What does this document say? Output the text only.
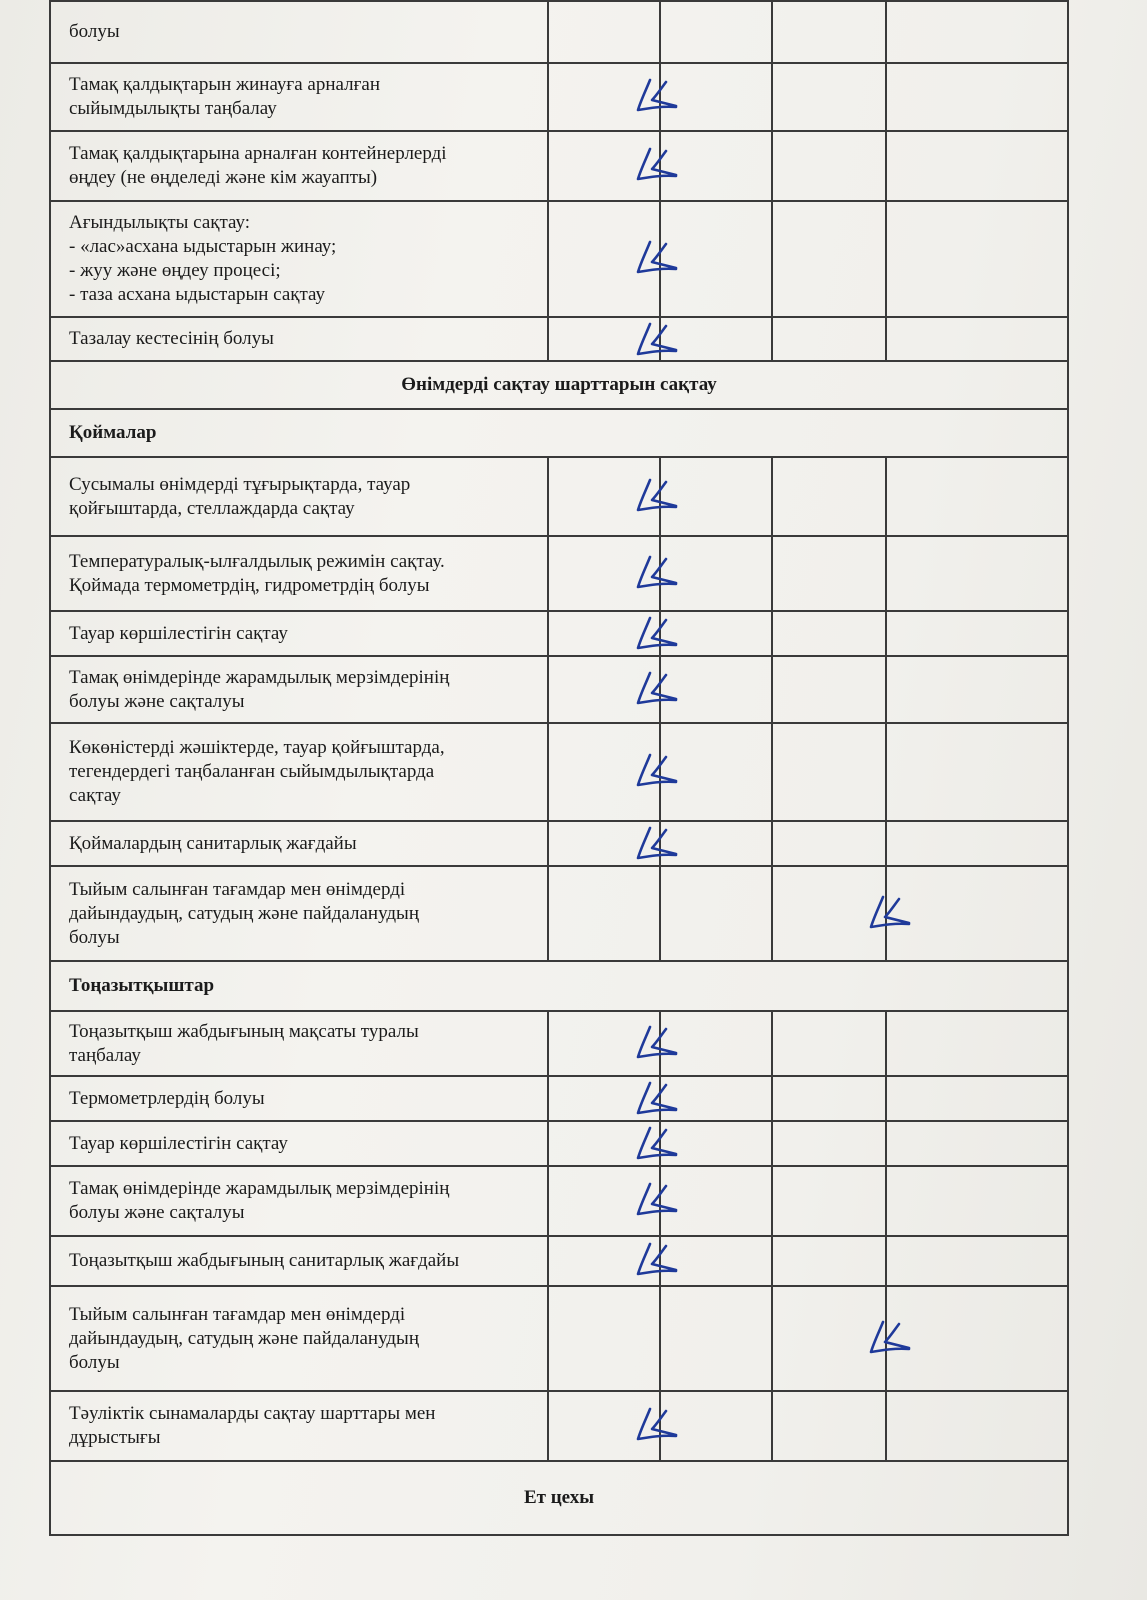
болуы
Тамақ қалдықтарын жинауға арналған
сыйымдылықты таңбалау
Тамақ қалдықтарына арналған контейнерлерді
өңдеу (не өңделеді және кім жауапты)
Ағындылықты сақтау:
- «лас»асхана ыдыстарын жинау;
- жуу және өңдеу процесі;
- таза асхана ыдыстарын сақтау
Тазалау кестесінің болуы
Өнімдерді сақтау шарттарын сақтау
Қоймалар
Сусымалы өнімдерді тұғырықтарда, тауар
қойғыштарда, стеллаждарда сақтау
Температуралық-ылғалдылық режимін сақтау.
Қоймада термометрдің, гидрометрдің болуы
Тауар көршілестігін сақтау
Тамақ өнімдерінде жарамдылық мерзімдерінің
болуы және сақталуы
Көкөністерді жәшіктерде, тауар қойғыштарда,
тегендердегі таңбаланған сыйымдылықтарда
сақтау
Қоймалардың санитарлық жағдайы
Тыйым салынған тағамдар мен өнімдерді
дайындаудың, сатудың және пайдаланудың
болуы
Тоңазытқыштар
Тоңазытқыш жабдығының мақсаты туралы
таңбалау
Термометрлердің болуы
Тауар көршілестігін сақтау
Тамақ өнімдерінде жарамдылық мерзімдерінің
болуы және сақталуы
Тоңазытқыш жабдығының санитарлық жағдайы
Тыйым салынған тағамдар мен өнімдерді
дайындаудың, сатудың және пайдаланудың
болуы
Тәуліктік сынамаларды сақтау шарттары мен
дұрыстығы
Ет цехы
